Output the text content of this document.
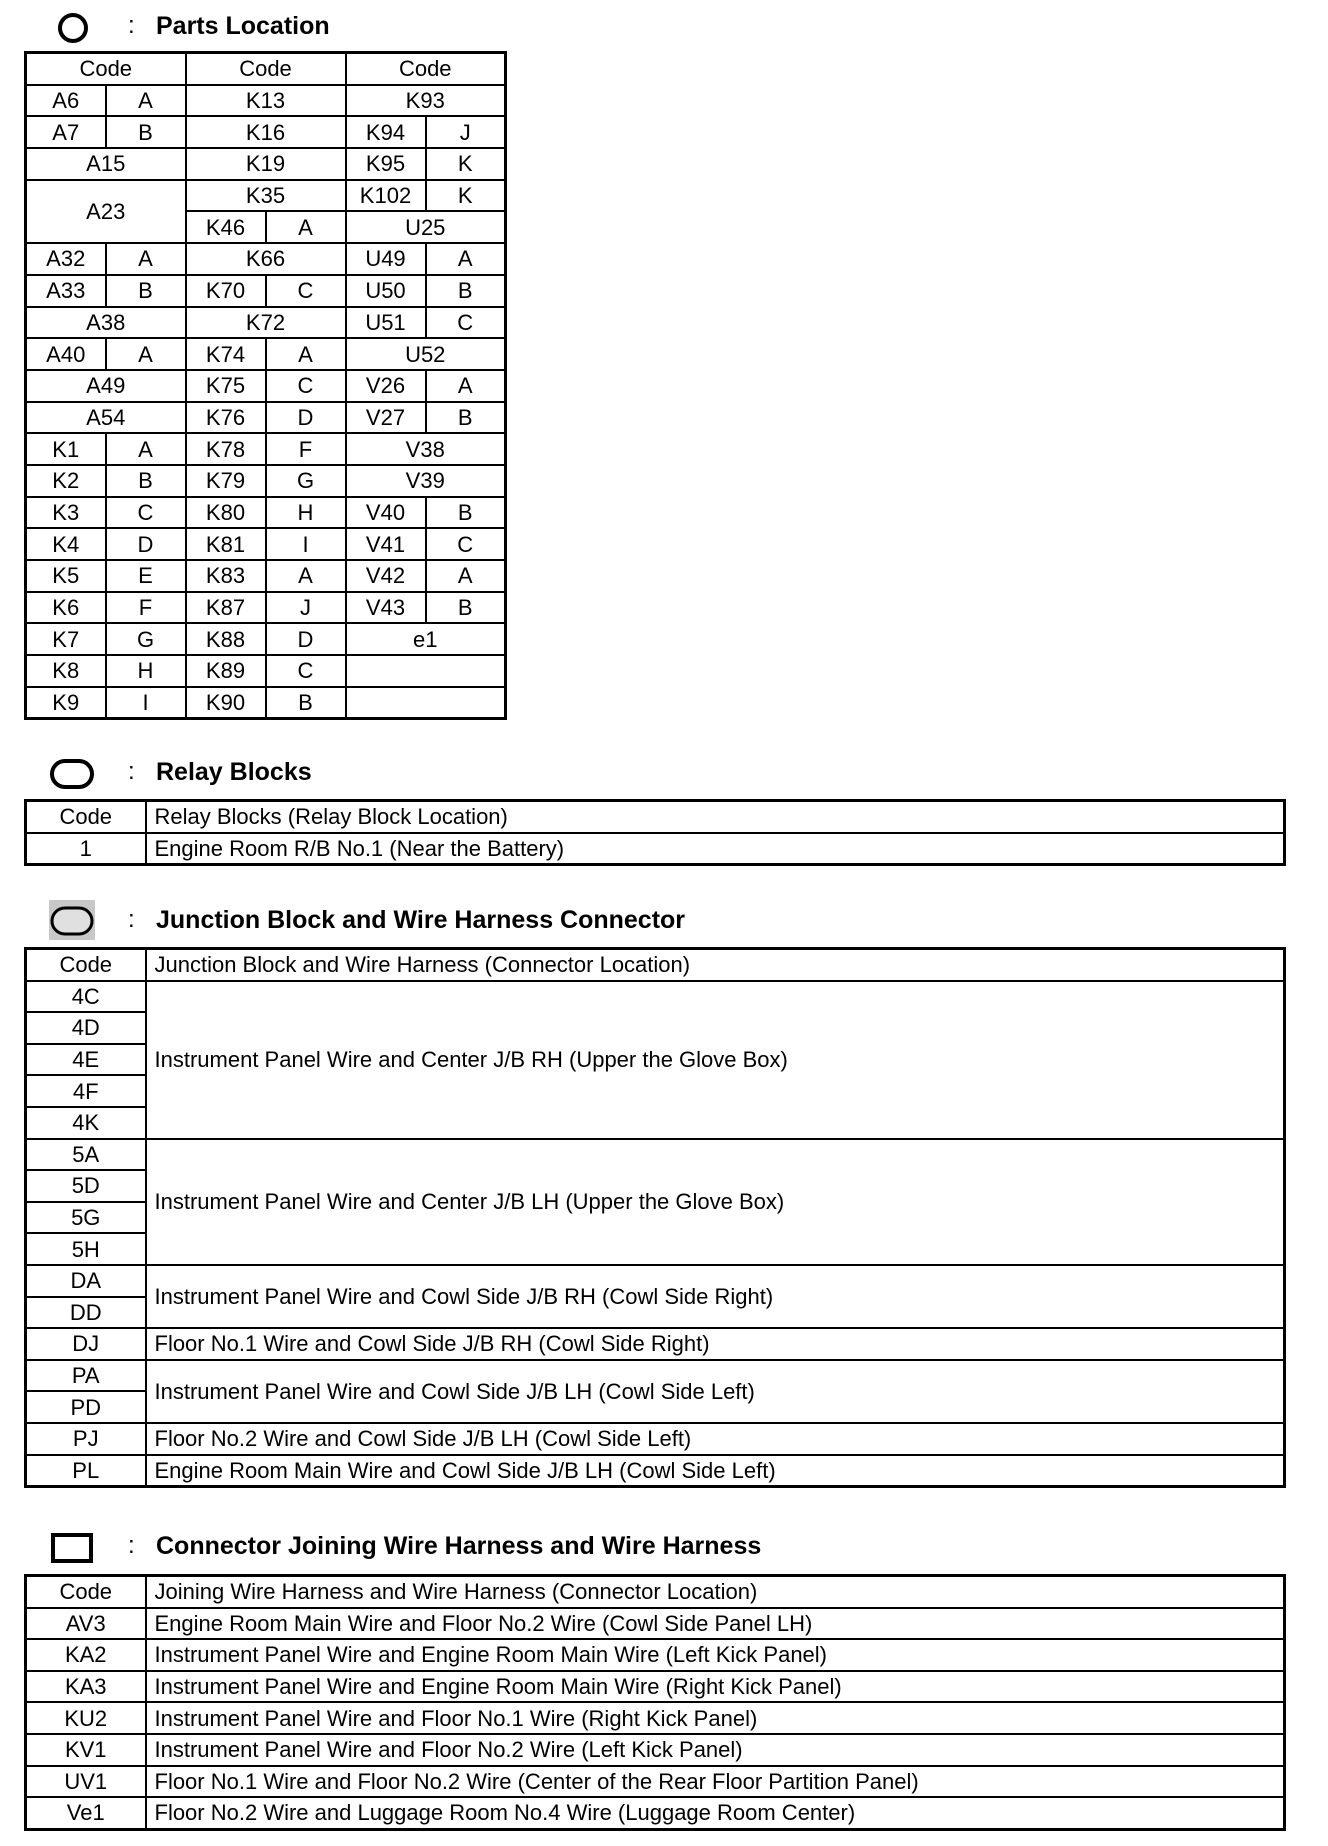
: Parts Location
Code		Code		Code	
A6	A	K13		K93	
A7	B	K16		K94	J
A15		K19		K95	K
A23		K35		K102	K
		K46	A	U25	
A32	A	K66		U49	A
A33	B	K70	C	U50	B
A38		K72		U51	C
A40	A	K74	A	U52	
A49		K75	C	V26	A
A54		K76	D	V27	B
K1	A	K78	F	V38	
K2	B	K79	G	V39	
K3	C	K80	H	V40	B
K4	D	K81	I	V41	C
K5	E	K83	A	V42	A
K6	F	K87	J	V43	B
K7	G	K88	D	e1	
K8	H	K89	C		
K9	I	K90	B		
: Relay Blocks
Code	Relay Blocks (Relay Block Location)
1	Engine Room R/B No.1 (Near the Battery)
: Junction Block and Wire Harness Connector
Code	Junction Block and Wire Harness (Connector Location)
4C	Instrument Panel Wire and Center J/B RH (Upper the Glove Box)
4D	
4E	
4F	
4K	
5A	Instrument Panel Wire and Center J/B LH (Upper the Glove Box)
5D	
5G	
5H	
DA	Instrument Panel Wire and Cowl Side J/B RH (Cowl Side Right)
DD	
DJ	Floor No.1 Wire and Cowl Side J/B RH (Cowl Side Right)
PA	Instrument Panel Wire and Cowl Side J/B LH (Cowl Side Left)
PD	
PJ	Floor No.2 Wire and Cowl Side J/B LH (Cowl Side Left)
PL	Engine Room Main Wire and Cowl Side J/B LH (Cowl Side Left)
: Connector Joining Wire Harness and Wire Harness
Code	Joining Wire Harness and Wire Harness (Connector Location)
AV3	Engine Room Main Wire and Floor No.2 Wire (Cowl Side Panel LH)
KA2	Instrument Panel Wire and Engine Room Main Wire (Left Kick Panel)
KA3	Instrument Panel Wire and Engine Room Main Wire (Right Kick Panel)
KU2	Instrument Panel Wire and Floor No.1 Wire (Right Kick Panel)
KV1	Instrument Panel Wire and Floor No.2 Wire (Left Kick Panel)
UV1	Floor No.1 Wire and Floor No.2 Wire (Center of the Rear Floor Partition Panel)
Ve1	Floor No.2 Wire and Luggage Room No.4 Wire (Luggage Room Center)
